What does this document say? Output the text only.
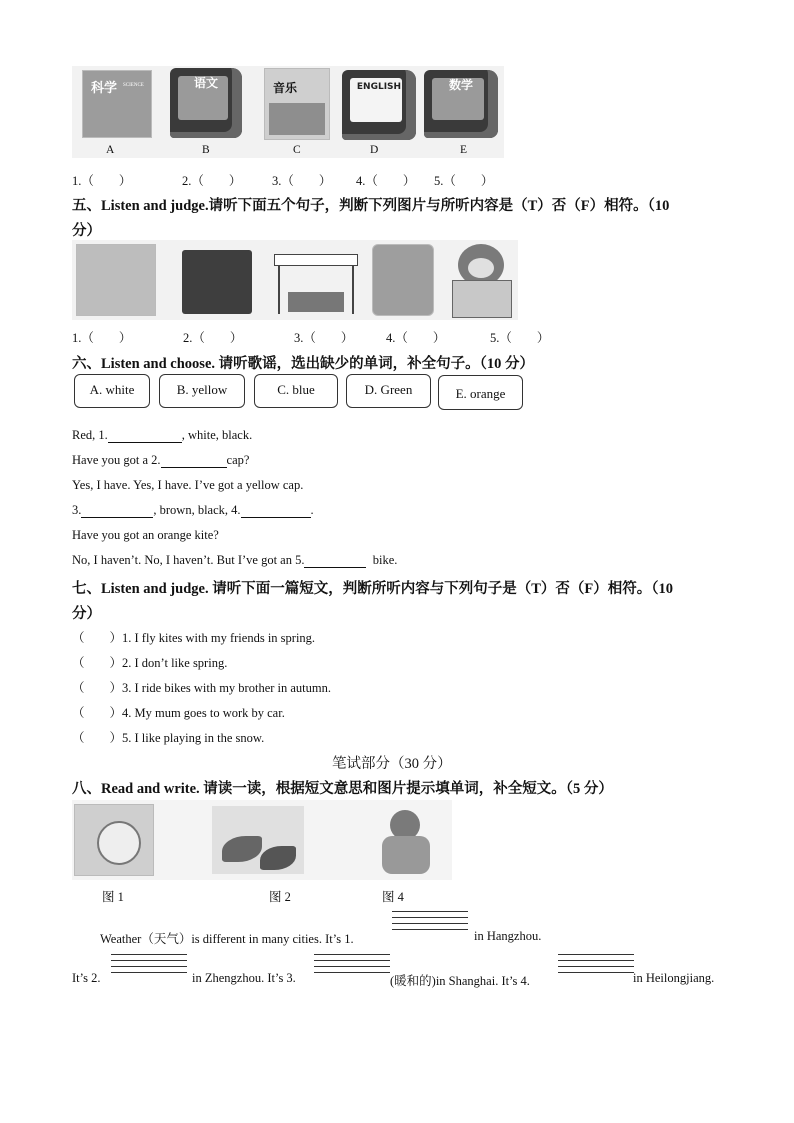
科学 SCIENCE	语文	音乐	ENGLISH	数学
A	B	C	D	E
1.（　　）	2.（　　） 3.（　　） 4.（　　） 5.（　　）
五、Listen and judge.请听下面五个句子，判断下列图片与所听内容是（T）否（F）相符。（10
分）
1.（　　）	2.（　　）	3.（　　）	4.（　　）	5.（　　）
六、Listen and choose. 请听歌谣，选出缺少的单词，补全句子。（10 分）
A. white	B. yellow	C. blue	D. Green	E. orange
Red, 1.	, white, black.
Have you got a 2.	cap?
Yes, I have. Yes, I have. I’ve got a yellow cap.
3.	, brown, black, 4.	.
Have you got an orange kite?
No, I haven’t. No, I haven’t. But I’ve got an 5.	bike.
七、Listen and judge. 请听下面一篇短文，判断所听内容与下列句子是（T）否（F）相符。（10
分）
（　　）1. I fly kites with my friends in spring.
（　　）2. I don’t like spring.
（　　）3. I ride bikes with my brother in autumn.
（　　）4. My mum goes to work by car.
（　　）5. I like playing in the snow.
笔试部分（30 分）
八、Read and write. 请读一读，根据短文意思和图片提示填单词，补全短文。（5 分）
图 1	图 2	图 4
Weather（天气）is different in many cities. It’s 1.	in Hangzhou.
It’s 2.	in Zhengzhou. It’s 3.	(暖和的)in Shanghai. It’s 4.	in Heilongjiang.
